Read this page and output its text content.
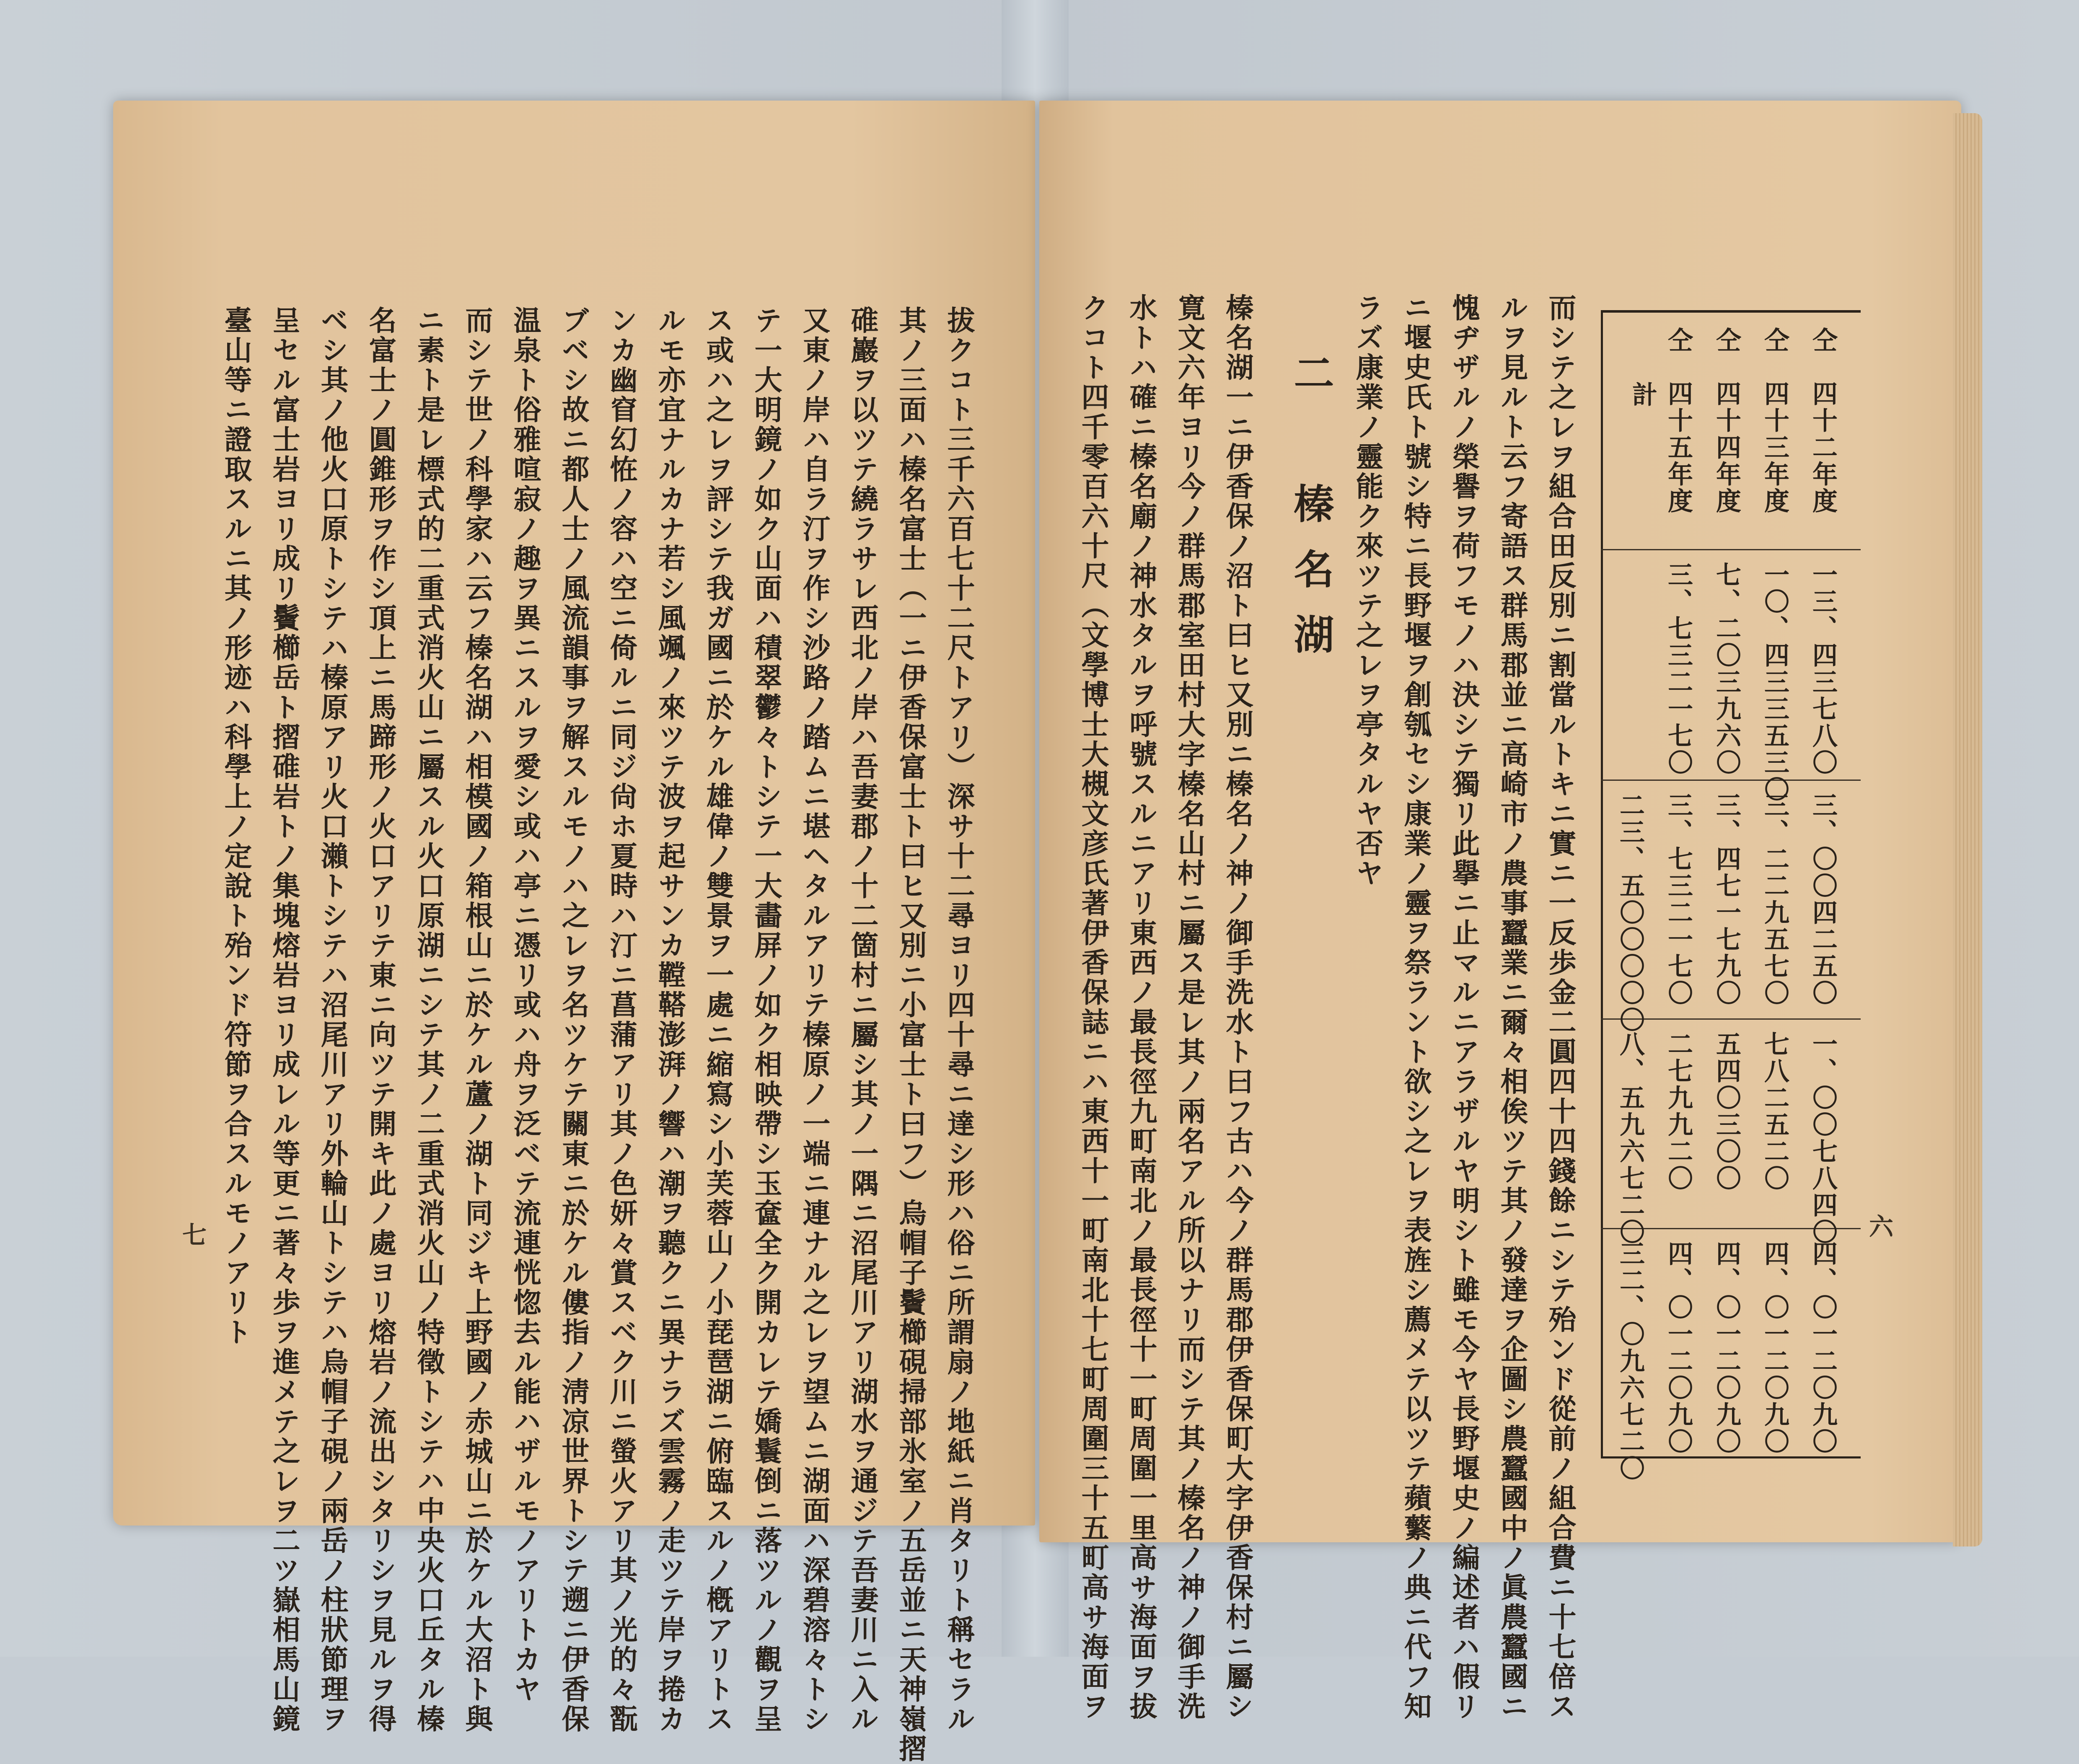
七	拔クコト三千六百七十二尺トアリ）深サ十二尋ヨリ四十尋ニ達シ形ハ俗ニ所謂扇ノ地紙ニ肖タリト稱セラル
其ノ三面ハ榛名富士（一ニ伊香保富士ト曰ヒ又別ニ小富士ト曰フ）烏帽子鬢櫛硯掃部氷室ノ五岳並ニ天神嶺摺
碓巖ヲ以ツテ繞ラサレ西北ノ岸ハ吾妻郡ノ十二箇村ニ屬シ其ノ一隅ニ沼尾川アリ湖水ヲ通ジテ吾妻川ニ入ル
又東ノ岸ハ自ラ汀ヲ作シ沙路ノ踏ムニ堪ヘタルアリテ榛原ノ一端ニ連ナル之レヲ望ムニ湖面ハ深碧溶々トシ
テ一大明鏡ノ如ク山面ハ積翠鬱々トシテ一大畵屏ノ如ク相映帶シ玉奩全ク開カレテ嬌鬟倒ニ落ツルノ觀ヲ呈
ス或ハ之レヲ評シテ我ガ國ニ於ケル雄偉ノ雙景ヲ一處ニ縮寫シ小芙蓉山ノ小琵琶湖ニ俯臨スルノ槪アリトス
ルモ亦宜ナルカナ若シ風颯ノ來ツテ波ヲ起サンカ鞺鞳澎湃ノ響ハ潮ヲ聽クニ異ナラズ雲霧ノ走ツテ岸ヲ捲カ
ンカ幽窅幻恠ノ容ハ空ニ倚ルニ同ジ尙ホ夏時ハ汀ニ菖蒲アリ其ノ色妍々賞スベク川ニ螢火アリ其ノ光的々翫
ブベシ故ニ都人士ノ風流韻事ヲ解スルモノハ之レヲ名ツケテ關東ニ於ケル僂指ノ淸凉世界トシテ遡ニ伊香保
温泉ト俗雅喧寂ノ趣ヲ異ニスルヲ愛シ或ハ亭ニ憑リ或ハ舟ヲ泛ベテ流連恍惚去ル能ハザルモノアリトカヤ
而シテ世ノ科學家ハ云フ榛名湖ハ相模國ノ箱根山ニ於ケル蘆ノ湖ト同ジキ上野國ノ赤城山ニ於ケル大沼ト與
ニ素ト是レ標式的二重式消火山ニ屬スル火口原湖ニシテ其ノ二重式消火山ノ特徵トシテハ中央火口丘タル榛
名富士ノ圓錐形ヲ作シ頂上ニ馬蹄形ノ火口アリテ東ニ向ツテ開キ此ノ處ヨリ熔岩ノ流出シタリシヲ見ルヲ得
ベシ其ノ他火口原トシテハ榛原アリ火口瀨トシテハ沼尾川アリ外輪山トシテハ烏帽子硯ノ兩岳ノ柱狀節理ヲ
呈セル富士岩ヨリ成リ鬢櫛岳ト摺碓岩トノ集塊熔岩ヨリ成レル等更ニ著々歩ヲ進メテ之レヲ二ツ嶽相馬山鏡
臺山等ニ證取スルニ其ノ形迹ハ科學上ノ定說ト殆ンド符節ヲ合スルモノアリト	六
仝　四十二年度
仝　四十三年度
仝　四十四年度
仝　四十五年度
計
一三、四三七八〇
一〇、四三三五三〇
七、二〇三九六〇
三、七三二一七〇
三、〇〇四二五〇
三、二二九五七〇
三、四七一七九〇
三、七三二一七〇
二三、五〇〇〇〇〇
一、〇〇七八四〇
七八二五二〇
五四〇三〇〇
二七九九二〇
八、五九六七二〇
四、〇一二〇九〇
四、〇一二〇九〇
四、〇一二〇九〇
四、〇一二〇九〇
三二、〇九六七二〇
而シテ之レヲ組合田反別ニ割當ルトキニ實ニ一反歩金二圓四十四錢餘ニシテ殆ンド從前ノ組合費ニ十七倍ス
ルヲ見ルト云フ寄語ス群馬郡並ニ高崎市ノ農事蠶業ニ爾々相俟ツテ其ノ發達ヲ企圖シ農蠶國中ノ眞農蠶國ニ
愧ヂザルノ榮譽ヲ荷フモノハ決シテ獨リ此擧ニ止マルニアラザルヤ明シト雖モ今ヤ長野堰史ノ編述者ハ假リ
ニ堰史氏ト號シ特ニ長野堰ヲ創瓠セシ康業ノ靈ヲ祭ラント欲シ之レヲ表旌シ薦メテ以ツテ蘋蘩ノ典ニ代フ知
ラズ康業ノ靈能ク來ツテ之レヲ亭タルヤ否ヤ
二　榛名湖
榛名湖一ニ伊香保ノ沼ト曰ヒ又別ニ榛名ノ神ノ御手洗水ト曰フ古ハ今ノ群馬郡伊香保町大字伊香保村ニ屬シ
寛文六年ヨリ今ノ群馬郡室田村大字榛名山村ニ屬ス是レ其ノ兩名アル所以ナリ而シテ其ノ榛名ノ神ノ御手洗
水トハ確ニ榛名廟ノ神水タルヲ呼號スルニアリ東西ノ最長徑九町南北ノ最長徑十一町周圍一里高サ海面ヲ拔
クコト四千零百六十尺（文學博士大槻文彦氏著伊香保誌ニハ東西十一町南北十七町周圍三十五町高サ海面ヲ
